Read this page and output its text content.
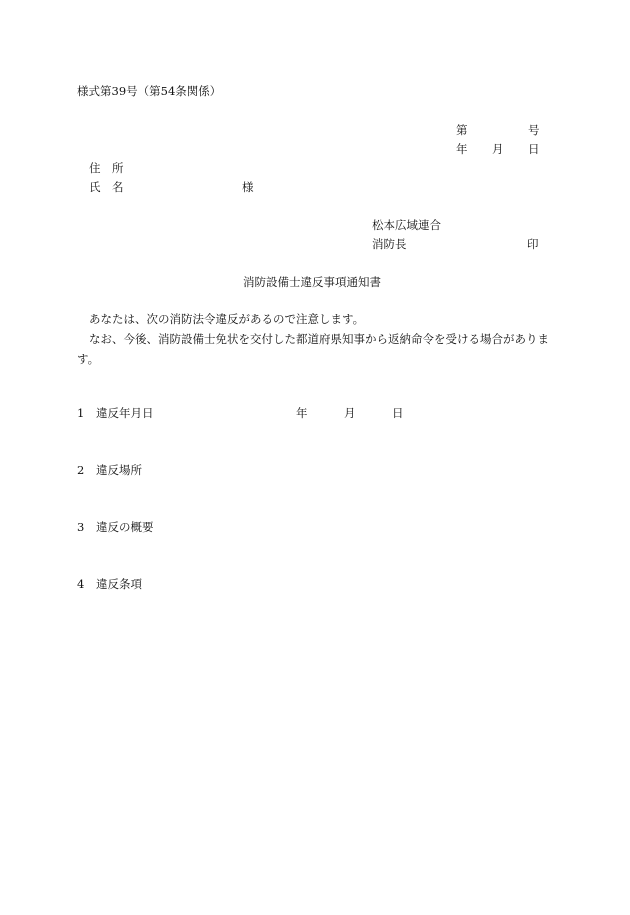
様式第39号（第54条関係）
第	号
年 月 日
住　所
氏　名	様
松本広域連合
消防長	印
消防設備士違反事項通知書
あなたは、次の消防法令違反があるので注意します。
なお、今後、消防設備士免状を交付した都道府県知事から返納命令を受ける場合があります。
1 違反年月日	年	月	日
2 違反場所
3 違反の概要
4 違反条項
